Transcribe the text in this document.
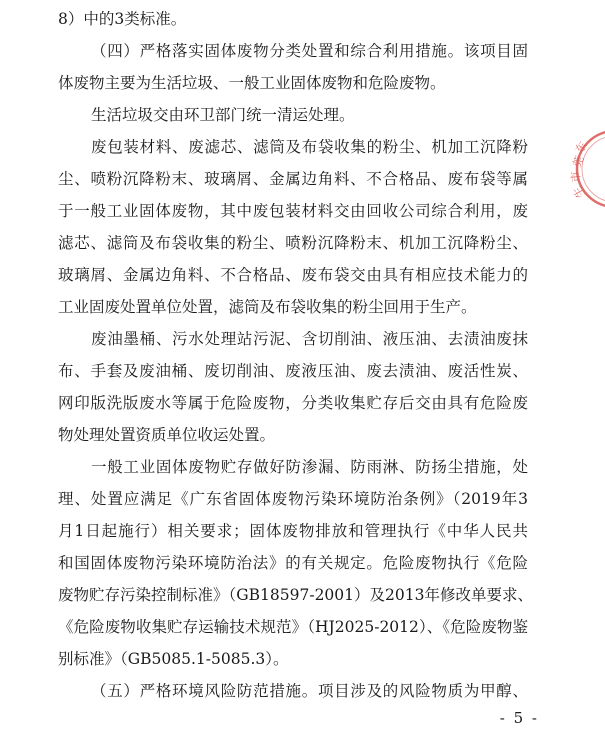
8）中的3类标准。
（四）严格落实固体废物分类处置和综合利用措施。该项目固
体废物主要为生活垃圾、一般工业固体废物和危险废物。
生活垃圾交由环卫部门统一清运处理。
废包装材料、废滤芯、滤筒及布袋收集的粉尘、机加工沉降粉
尘、喷粉沉降粉末、玻璃屑、金属边角料、不合格品、废布袋等属
于一般工业固体废物，其中废包装材料交由回收公司综合利用，废
滤芯、滤筒及布袋收集的粉尘、喷粉沉降粉末、机加工沉降粉尘、
玻璃屑、金属边角料、不合格品、废布袋交由具有相应技术能力的
工业固废处置单位处置，滤筒及布袋收集的粉尘回用于生产。
废油墨桶、污水处理站污泥、含切削油、液压油、去渍油废抹
布、手套及废油桶、废切削油、废液压油、废去渍油、废活性炭、
网印版洗版废水等属于危险废物，分类收集贮存后交由具有危险废
物处理处置资质单位收运处置。
一般工业固体废物贮存做好防渗漏、防雨淋、防扬尘措施，处
理、处置应满足《广东省固体废物污染环境防治条例》（2019年3
月1日起施行）相关要求；固体废物排放和管理执行《中华人民共
和国固体废物污染环境防治法》的有关规定。危险废物执行《危险
废物贮存污染控制标准》（GB18597-2001）及2013年修改单要求、
《危险废物收集贮存运输技术规范》（HJ2025-2012）、《危险废物鉴
别标准》（GB5085.1-5085.3）。
（五）严格环境风险防范措施。项目涉及的风险物质为甲醇、
- 5 -
东
莞
市
生
